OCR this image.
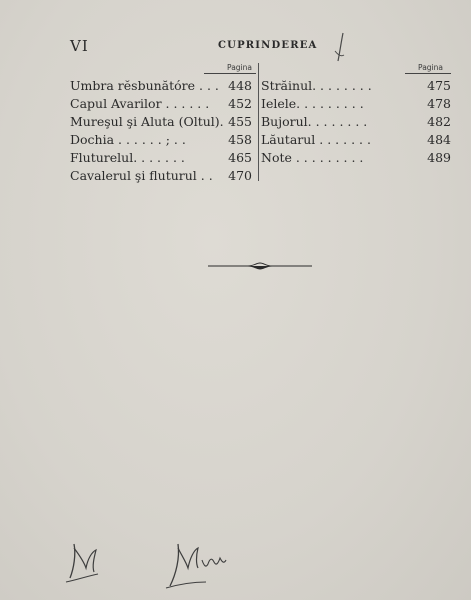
VI	CUPRINDEREA
Pagina
Umbra rĕsbunătóre . . . 448
Capul Avarilor . . . . . . 452
Mureşul şi Aluta (Oltul). 455
Dochia . . . . . . ; . .	458
Fluturelul. . . . . . .	465
Cavalerul şi fluturul . . 470
Pagina
Străinul. . . . . . . .	475
Ielele. . . . . . . . .	478
Bujorul. . . . . . . .	482
Lăutarul . . . . . . .	484
Note . . . . . . . . .	489
